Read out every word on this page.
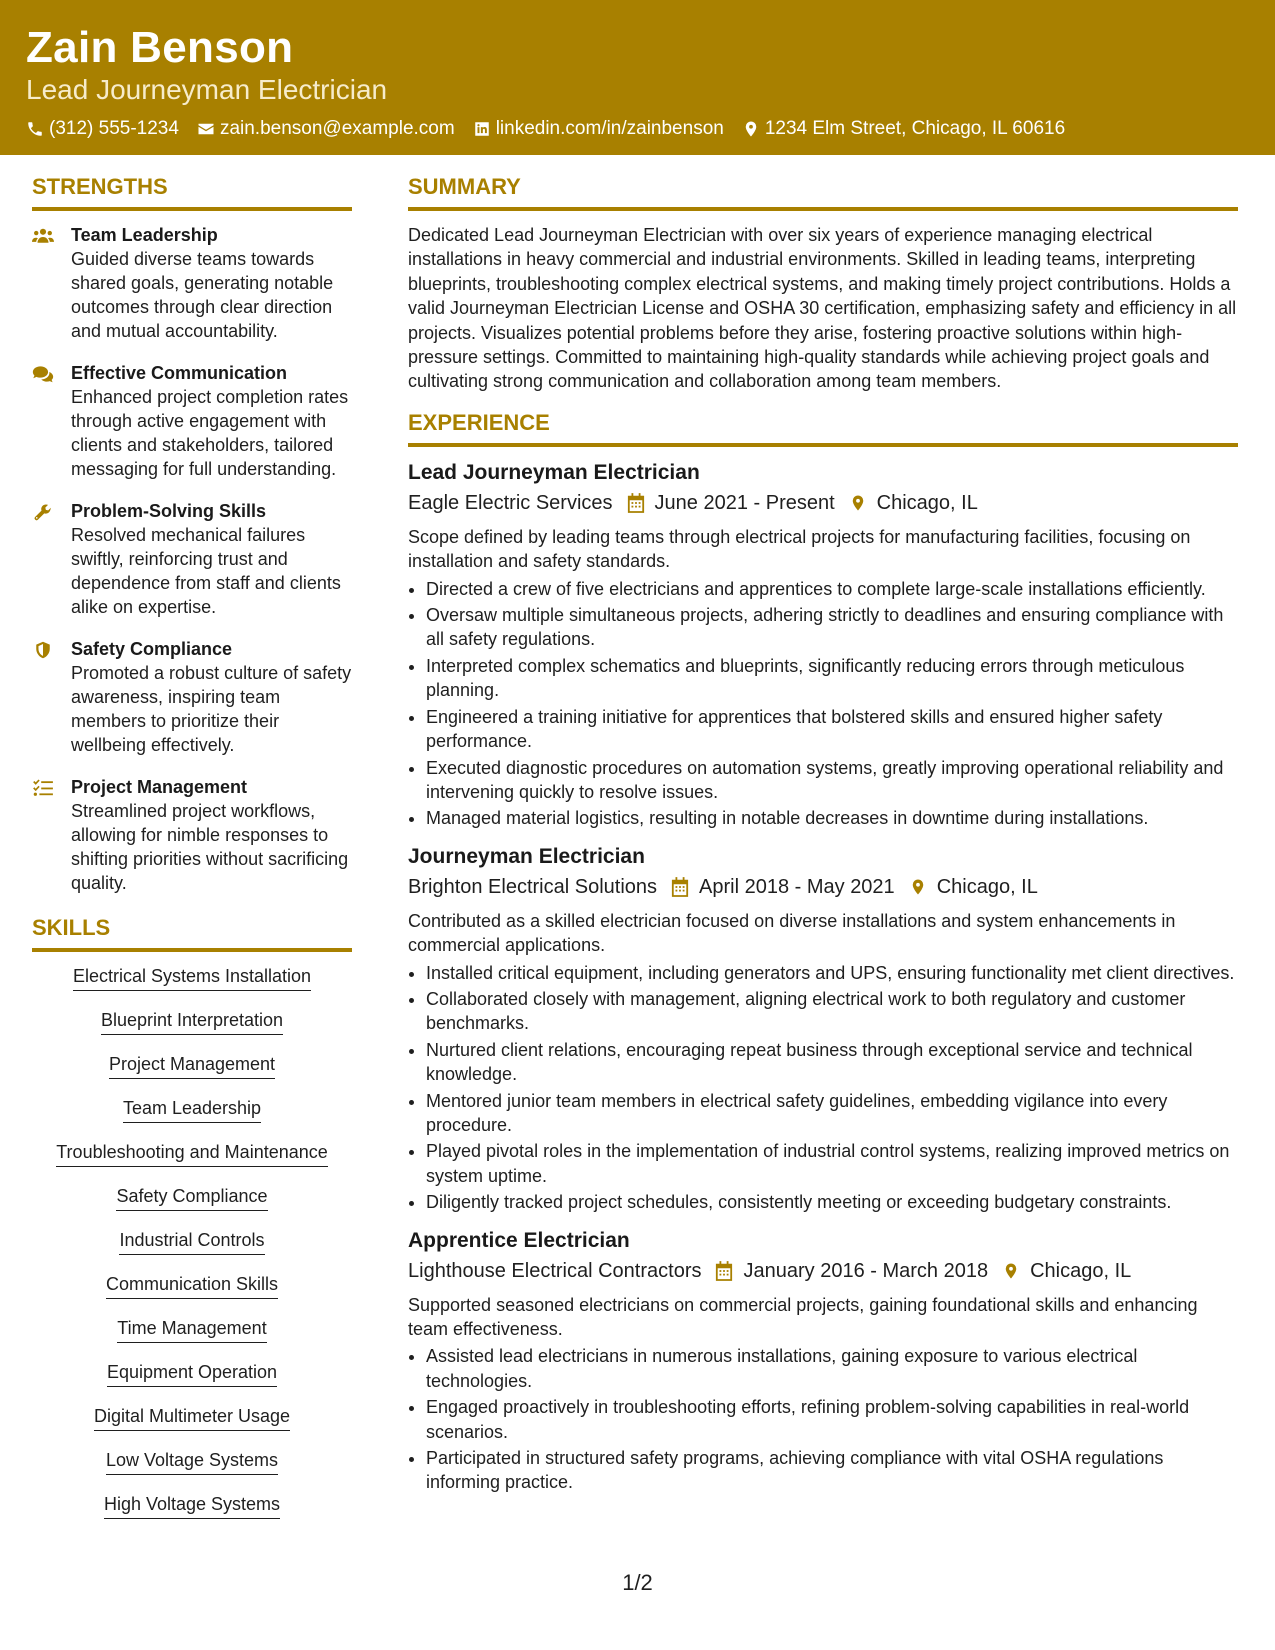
Zain Benson
Lead Journeyman Electrician
(312) 555-1234 zain.benson@example.com linkedin.com/in/zainbenson 1234 Elm Street, Chicago, IL 60616
STRENGTHS
Team Leadership
Guided diverse teams towards shared goals, generating notable outcomes through clear direction and mutual accountability.
Effective Communication
Enhanced project completion rates through active engagement with clients and stakeholders, tailored messaging for full understanding.
Problem-Solving Skills
Resolved mechanical failures swiftly, reinforcing trust and dependence from staff and clients alike on expertise.
Safety Compliance
Promoted a robust culture of safety awareness, inspiring team members to prioritize their wellbeing effectively.
Project Management
Streamlined project workflows, allowing for nimble responses to shifting priorities without sacrificing quality.
SKILLS
Electrical Systems Installation
Blueprint Interpretation
Project Management
Team Leadership
Troubleshooting and Maintenance
Safety Compliance
Industrial Controls
Communication Skills
Time Management
Equipment Operation
Digital Multimeter Usage
Low Voltage Systems
High Voltage Systems
SUMMARY

Dedicated Lead Journeyman Electrician with over six years of experience managing electrical installations in heavy commercial and industrial environments. Skilled in leading teams, interpreting blueprints, troubleshooting complex electrical systems, and making timely project contributions. Holds a valid Journeyman Electrician License and OSHA 30 certification, emphasizing safety and efficiency in all projects. Visualizes potential problems before they arise, fostering proactive solutions within high-pressure settings. Committed to maintaining high-quality standards while achieving project goals and cultivating strong communication and collaboration among team members.

EXPERIENCE
Lead Journeyman Electrician
Eagle Electric Services June 2021 - Present Chicago, IL
Scope defined by leading teams through electrical projects for manufacturing facilities, focusing on installation and safety standards.
• Directed a crew of five electricians and apprentices to complete large-scale installations efficiently.
• Oversaw multiple simultaneous projects, adhering strictly to deadlines and ensuring compliance with all safety regulations.
• Interpreted complex schematics and blueprints, significantly reducing errors through meticulous planning.
• Engineered a training initiative for apprentices that bolstered skills and ensured higher safety performance.
• Executed diagnostic procedures on automation systems, greatly improving operational reliability and intervening quickly to resolve issues.
• Managed material logistics, resulting in notable decreases in downtime during installations.
Journeyman Electrician
Brighton Electrical Solutions April 2018 - May 2021 Chicago, IL
Contributed as a skilled electrician focused on diverse installations and system enhancements in commercial applications.
• Installed critical equipment, including generators and UPS, ensuring functionality met client directives.
• Collaborated closely with management, aligning electrical work to both regulatory and customer benchmarks.
• Nurtured client relations, encouraging repeat business through exceptional service and technical knowledge.
• Mentored junior team members in electrical safety guidelines, embedding vigilance into every procedure.
• Played pivotal roles in the implementation of industrial control systems, realizing improved metrics on system uptime.
• Diligently tracked project schedules, consistently meeting or exceeding budgetary constraints.
Apprentice Electrician
Lighthouse Electrical Contractors January 2016 - March 2018 Chicago, IL
Supported seasoned electricians on commercial projects, gaining foundational skills and enhancing team effectiveness.
• Assisted lead electricians in numerous installations, gaining exposure to various electrical technologies.
• Engaged proactively in troubleshooting efforts, refining problem-solving capabilities in real-world scenarios.
• Participated in structured safety programs, achieving compliance with vital OSHA regulations informing practice.
1/2
